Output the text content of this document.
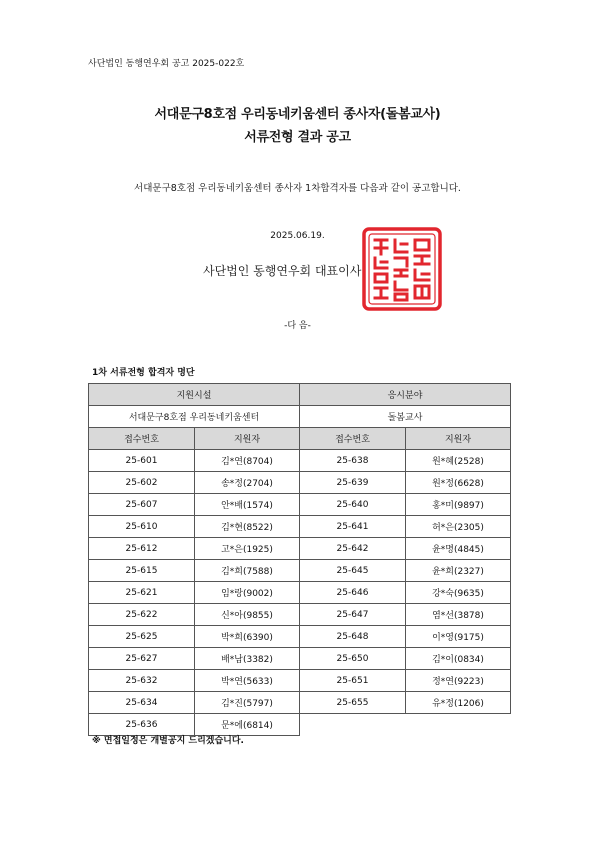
사단법인 동행연우회 공고 2025-022호
서대문구8호점 우리동네키움센터 종사자(돌봄교사)
서류전형 결과 공고
서대문구8호점 우리동네키움센터 종사자 1차합격자를 다음과 같이 공고합니다.
2025.06.19.
사단법인 동행연우회 대표이사
-다 음-
1차 서류전형 합격자 명단
지원시설		응시분야	
서대문구8호점 우리동네키움센터		돌봄교사	
접수번호	지원자	접수번호	지원자
25-601	김*연(8704)	25-638	원*혜(2528)
25-602	송*정(2704)	25-639	원*정(6628)
25-607	안*배(1574)	25-640	홍*미(9897)
25-610	김*현(8522)	25-641	허*은(2305)
25-612	고*은(1925)	25-642	윤*명(4845)
25-615	김*희(7588)	25-645	윤*희(2327)
25-621	임*랑(9002)	25-646	강*숙(9635)
25-622	신*아(9855)	25-647	염*선(3878)
25-625	박*희(6390)	25-648	이*영(9175)
25-627	배*남(3382)	25-650	김*이(0834)
25-632	박*연(5633)	25-651	정*연(9223)
25-634	김*진(5797)	25-655	유*정(1206)
25-636	문*에(6814)		
※ 면접일정은 개별공지 드리겠습니다.
